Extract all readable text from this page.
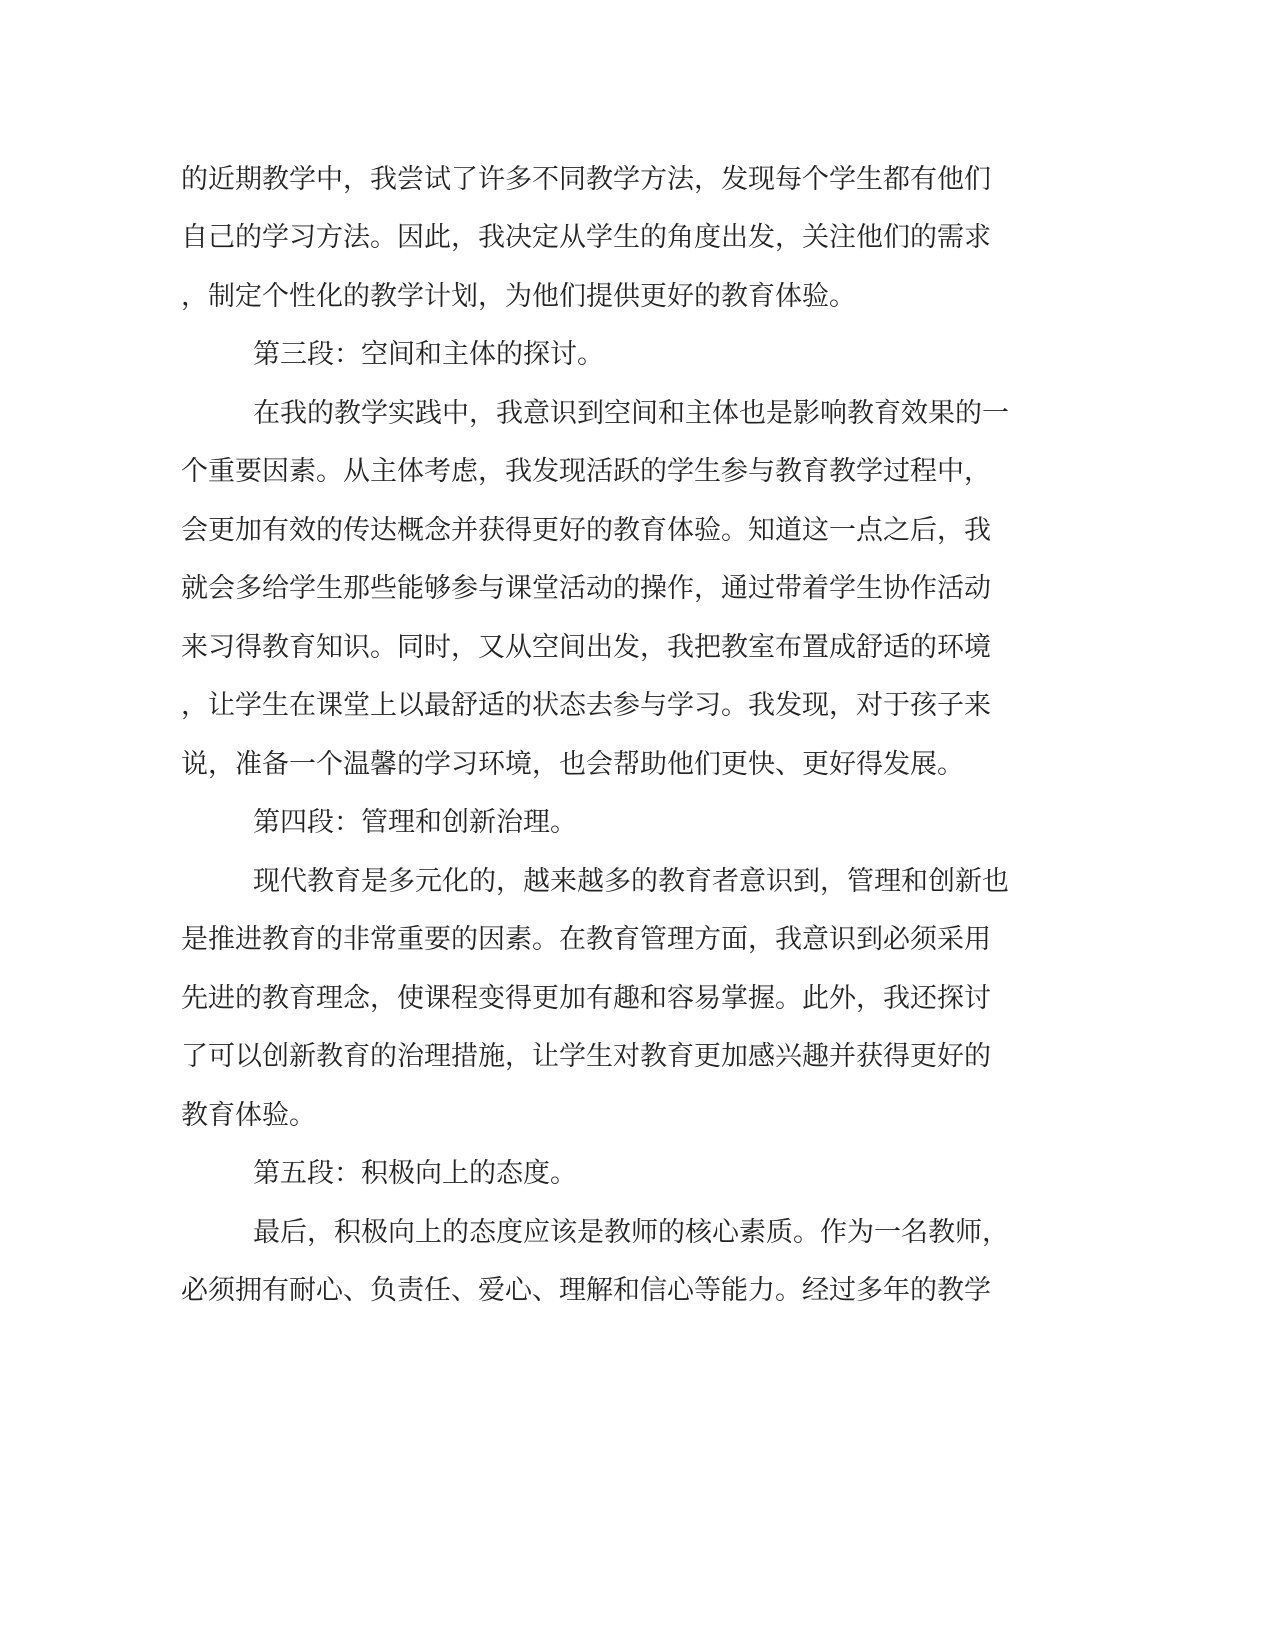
的近期教学中，我尝试了许多不同教学方法，发现每个学生都有他们
自己的学习方法。因此，我决定从学生的角度出发，关注他们的需求
，制定个性化的教学计划，为他们提供更好的教育体验。
第三段：空间和主体的探讨。
在我的教学实践中，我意识到空间和主体也是影响教育效果的一
个重要因素。从主体考虑，我发现活跃的学生参与教育教学过程中，
会更加有效的传达概念并获得更好的教育体验。知道这一点之后，我
就会多给学生那些能够参与课堂活动的操作，通过带着学生协作活动
来习得教育知识。同时，又从空间出发，我把教室布置成舒适的环境
，让学生在课堂上以最舒适的状态去参与学习。我发现，对于孩子来
说，准备一个温馨的学习环境，也会帮助他们更快、更好得发展。
第四段：管理和创新治理。
现代教育是多元化的，越来越多的教育者意识到，管理和创新也
是推进教育的非常重要的因素。在教育管理方面，我意识到必须采用
先进的教育理念，使课程变得更加有趣和容易掌握。此外，我还探讨
了可以创新教育的治理措施，让学生对教育更加感兴趣并获得更好的
教育体验。
第五段：积极向上的态度。
最后，积极向上的态度应该是教师的核心素质。作为一名教师，
必须拥有耐心、负责任、爱心、理解和信心等能力。经过多年的教学
